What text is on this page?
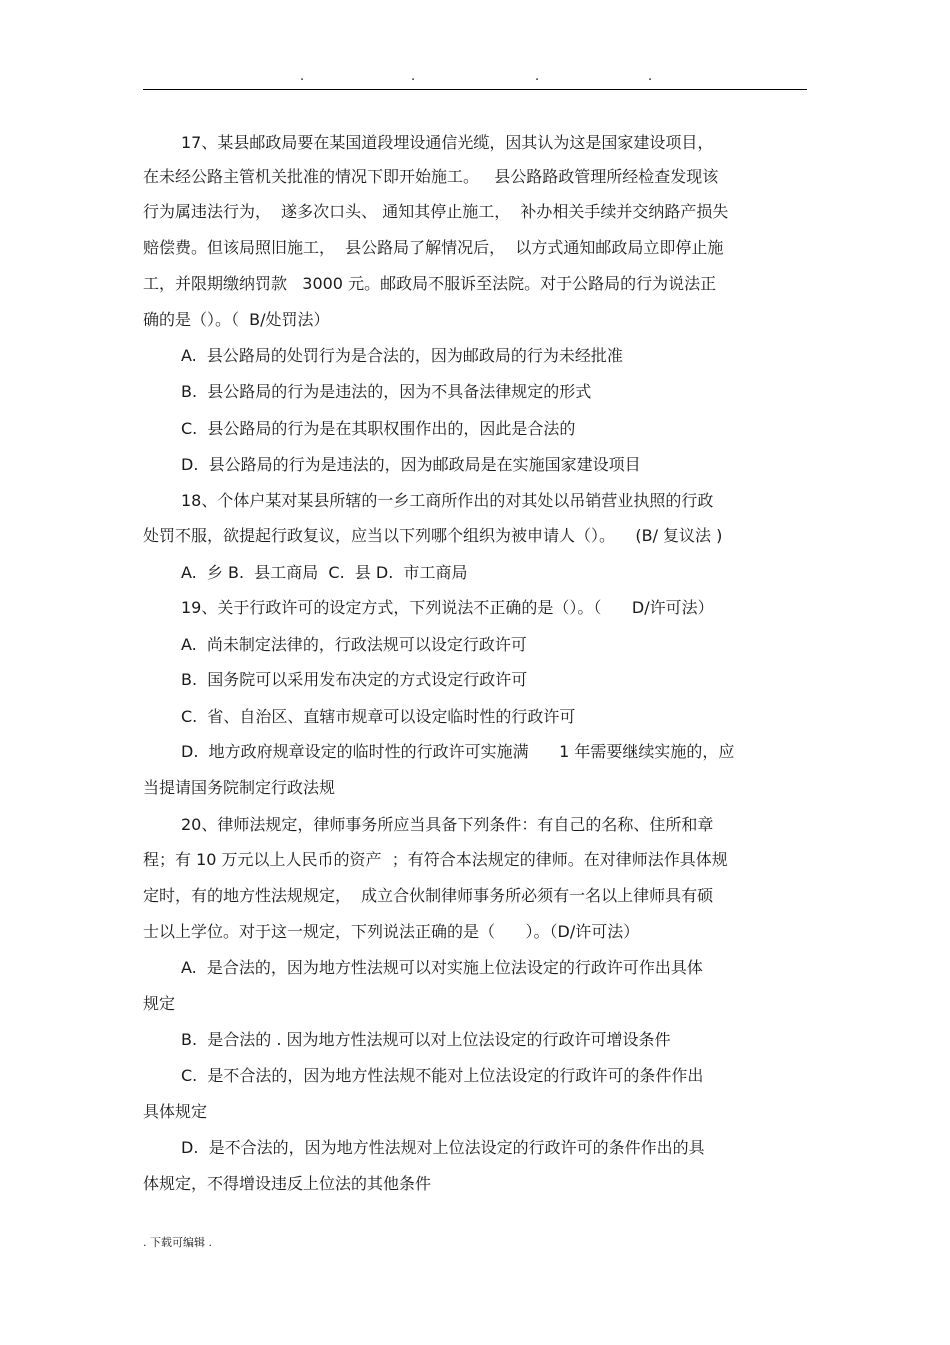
.	.	.	.
17、某县邮政局要在某国道段埋设通信光缆，因其认为这是国家建设项目，
在未经公路主管机关批准的情况下即开始施工。   县公路路政管理所经检查发现该
行为属违法行为，  遂多次口头、 通知其停止施工，  补办相关手续并交纳路产损失
赔偿费。但该局照旧施工，  县公路局了解情况后，  以方式通知邮政局立即停止施
工，并限期缴纳罚款   3000 元。邮政局不服诉至法院。对于公路局的行为说法正
确的是（）。（  B/处罚法）
A.  县公路局的处罚行为是合法的，因为邮政局的行为未经批准
B.  县公路局的行为是违法的，因为不具备法律规定的形式
C.  县公路局的行为是在其职权围作出的，因此是合法的
D.  县公路局的行为是违法的，因为邮政局是在实施国家建设项目
18、个体户某对某县所辖的一乡工商所作出的对其处以吊销营业执照的行政
处罚不服，欲提起行政复议，应当以下列哪个组织为被申请人（）。    (B/ 复议法 )
A.  乡 B.  县工商局  C.  县 D.  市工商局
19、关于行政许可的设定方式，下列说法不正确的是（）。（      D/许可法）
A.  尚未制定法律的，行政法规可以设定行政许可
B.  国务院可以采用发布决定的方式设定行政许可
C.  省、自治区、直辖市规章可以设定临时性的行政许可
D.  地方政府规章设定的临时性的行政许可实施满      1 年需要继续实施的，应
当提请国务院制定行政法规
20、律师法规定，律师事务所应当具备下列条件：有自己的名称、住所和章
程；有 10 万元以上人民币的资产  ；有符合本法规定的律师。在对律师法作具体规
定时，有的地方性法规规定，  成立合伙制律师事务所必须有一名以上律师具有硕
士以上学位。对于这一规定，下列说法正确的是（      ）。（D/许可法）
A.  是合法的，因为地方性法规可以对实施上位法设定的行政许可作出具体
规定
B.  是合法的 . 因为地方性法规可以对上位法设定的行政许可增设条件
C.  是不合法的，因为地方性法规不能对上位法设定的行政许可的条件作出
具体规定
D.  是不合法的，因为地方性法规对上位法设定的行政许可的条件作出的具
体规定，不得增设违反上位法的其他条件
. 下载可编辑 .
